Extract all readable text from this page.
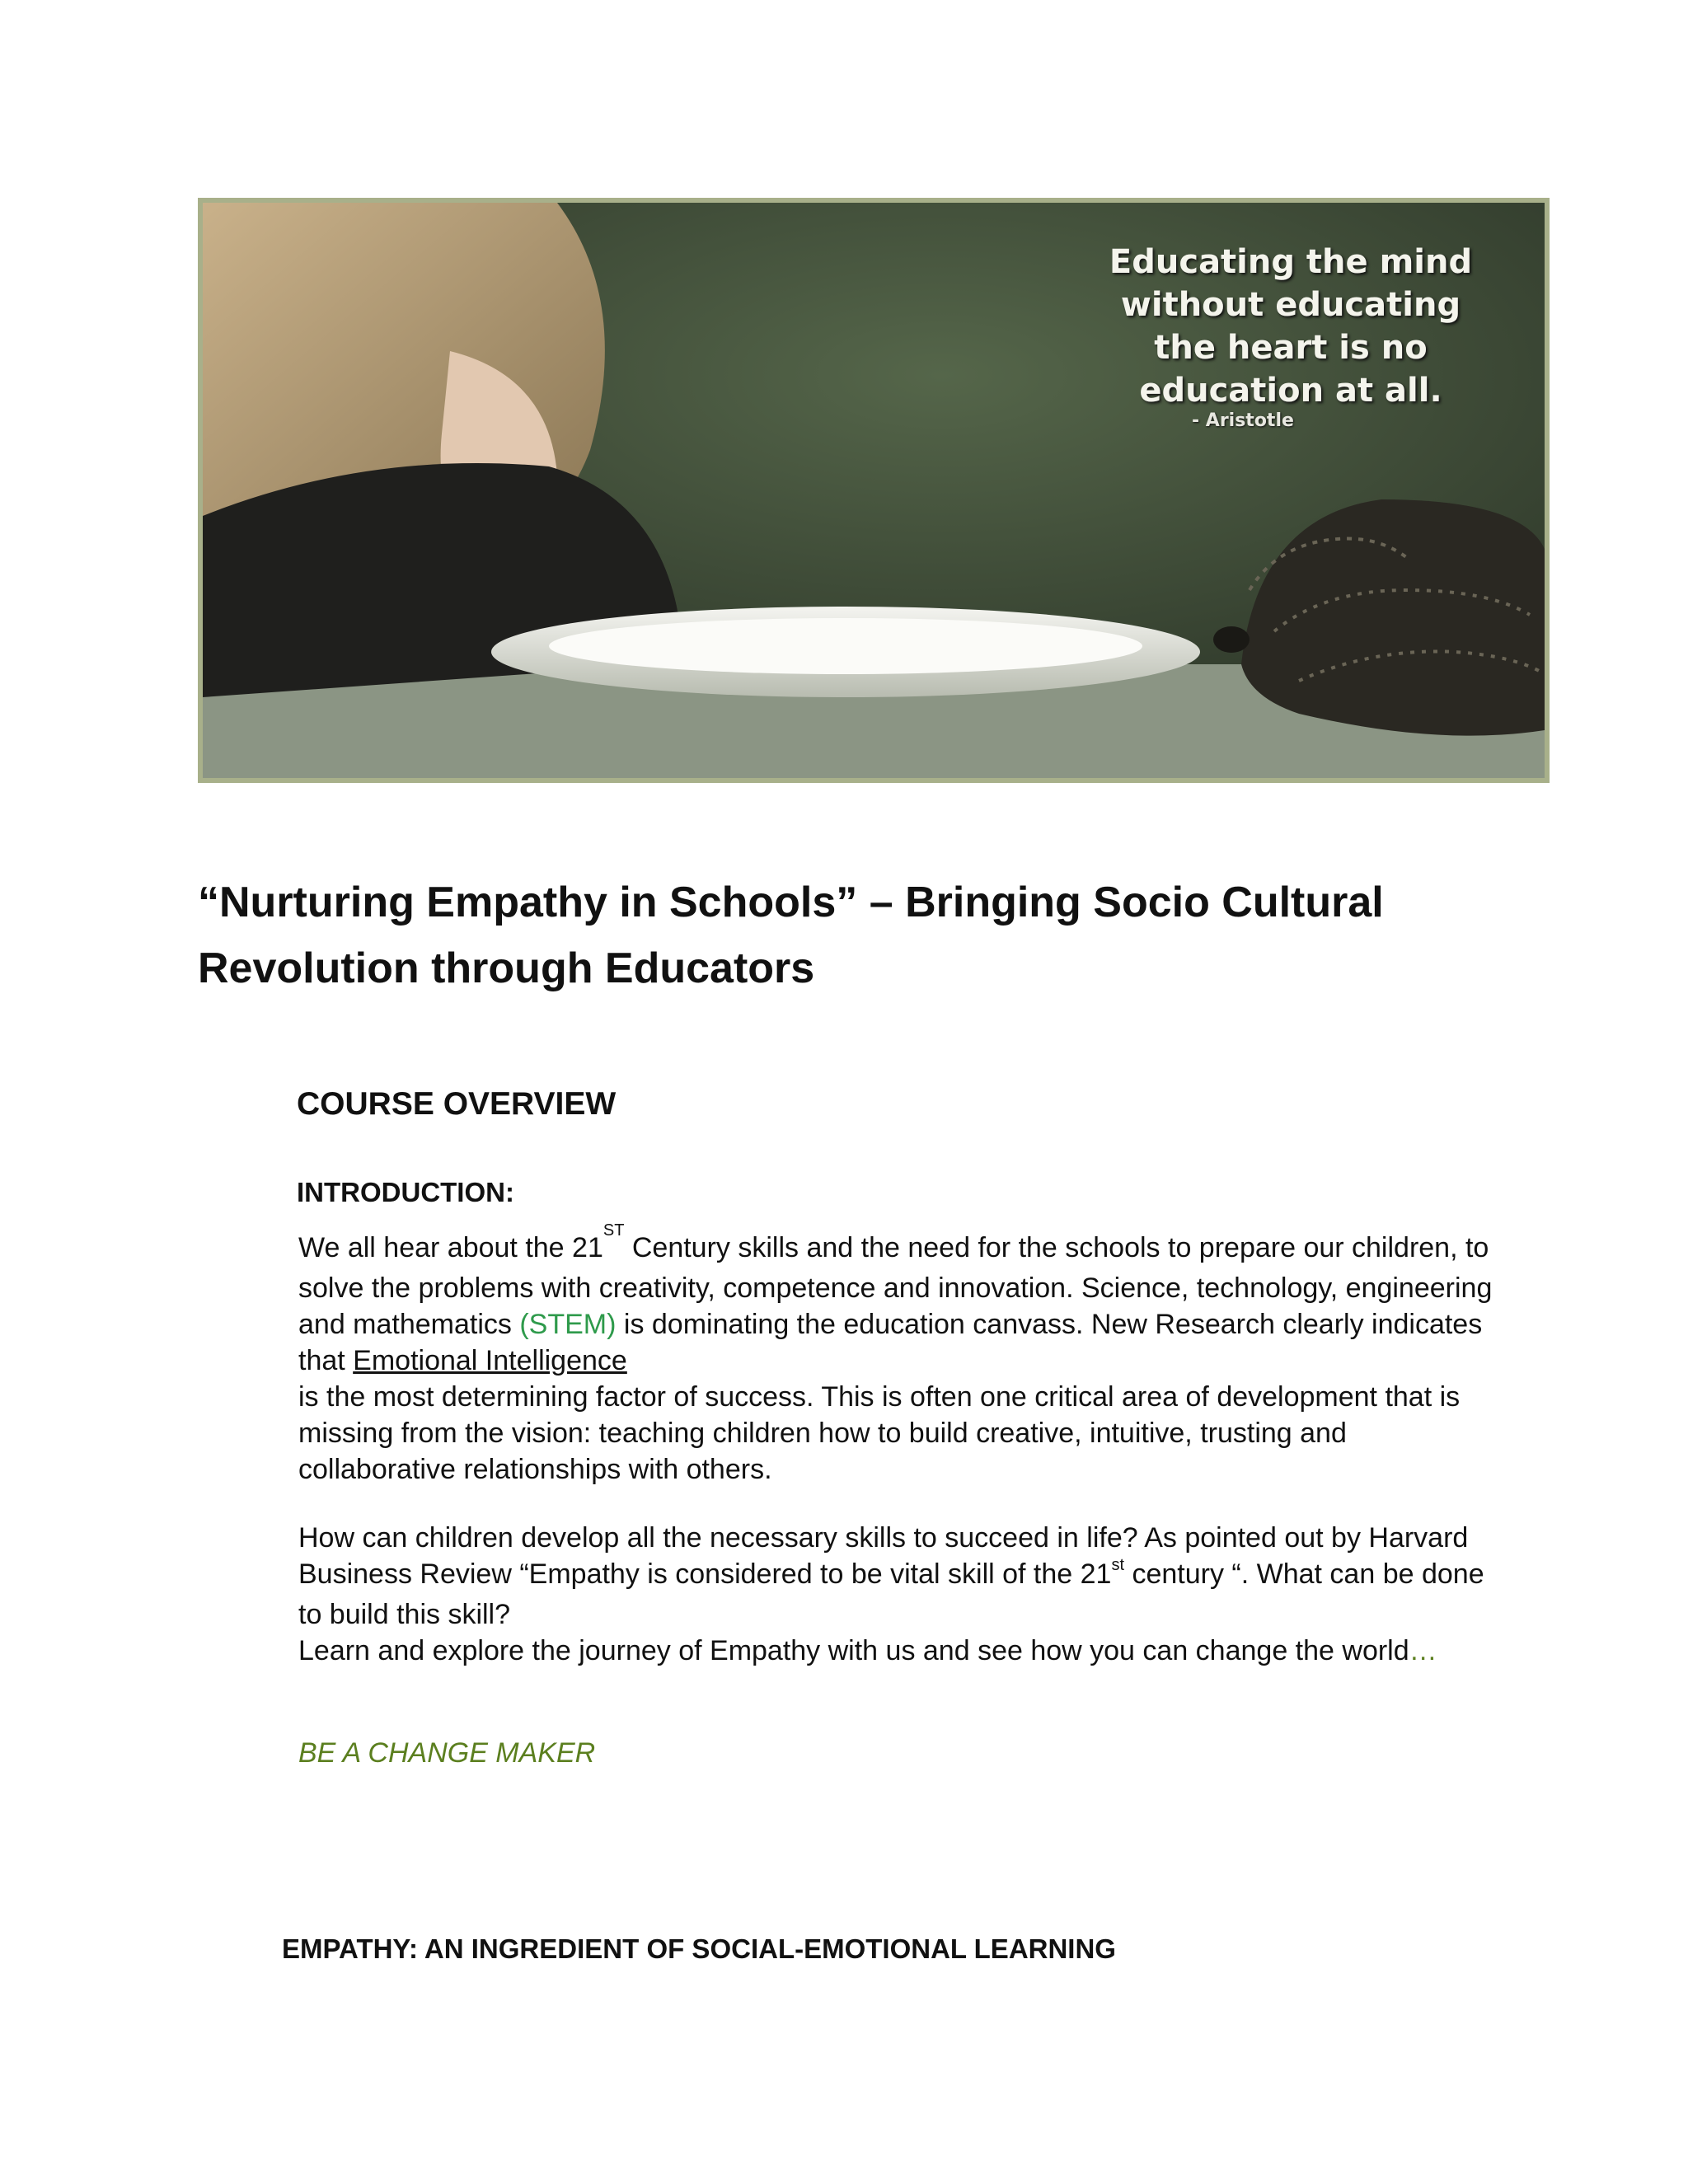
Educating the mind
without educating
the heart is no
education at all.
- Aristotle
“Nurturing Empathy in Schools” – Bringing Socio Cultural Revolution through Educators
COURSE OVERVIEW
INTRODUCTION:
We all hear about the 21ST Century skills and the need for the schools to prepare our children, to solve the problems with creativity, competence and innovation. Science, technology, engineering and mathematics (STEM) is dominating the education canvass. New Research clearly indicates that Emotional Intelligence
is the most determining factor of success. This is often one critical area of development that is missing from the vision: teaching children how to build creative, intuitive, trusting and collaborative relationships with others.
How can children develop all the necessary skills to succeed in life? As pointed out by Harvard Business Review “Empathy is considered to be vital skill of the 21st century “. What can be done to build this skill?
Learn and explore the journey of Empathy with us and see how you can change the world…
BE A CHANGE MAKER
EMPATHY: AN INGREDIENT OF SOCIAL-EMOTIONAL LEARNING
